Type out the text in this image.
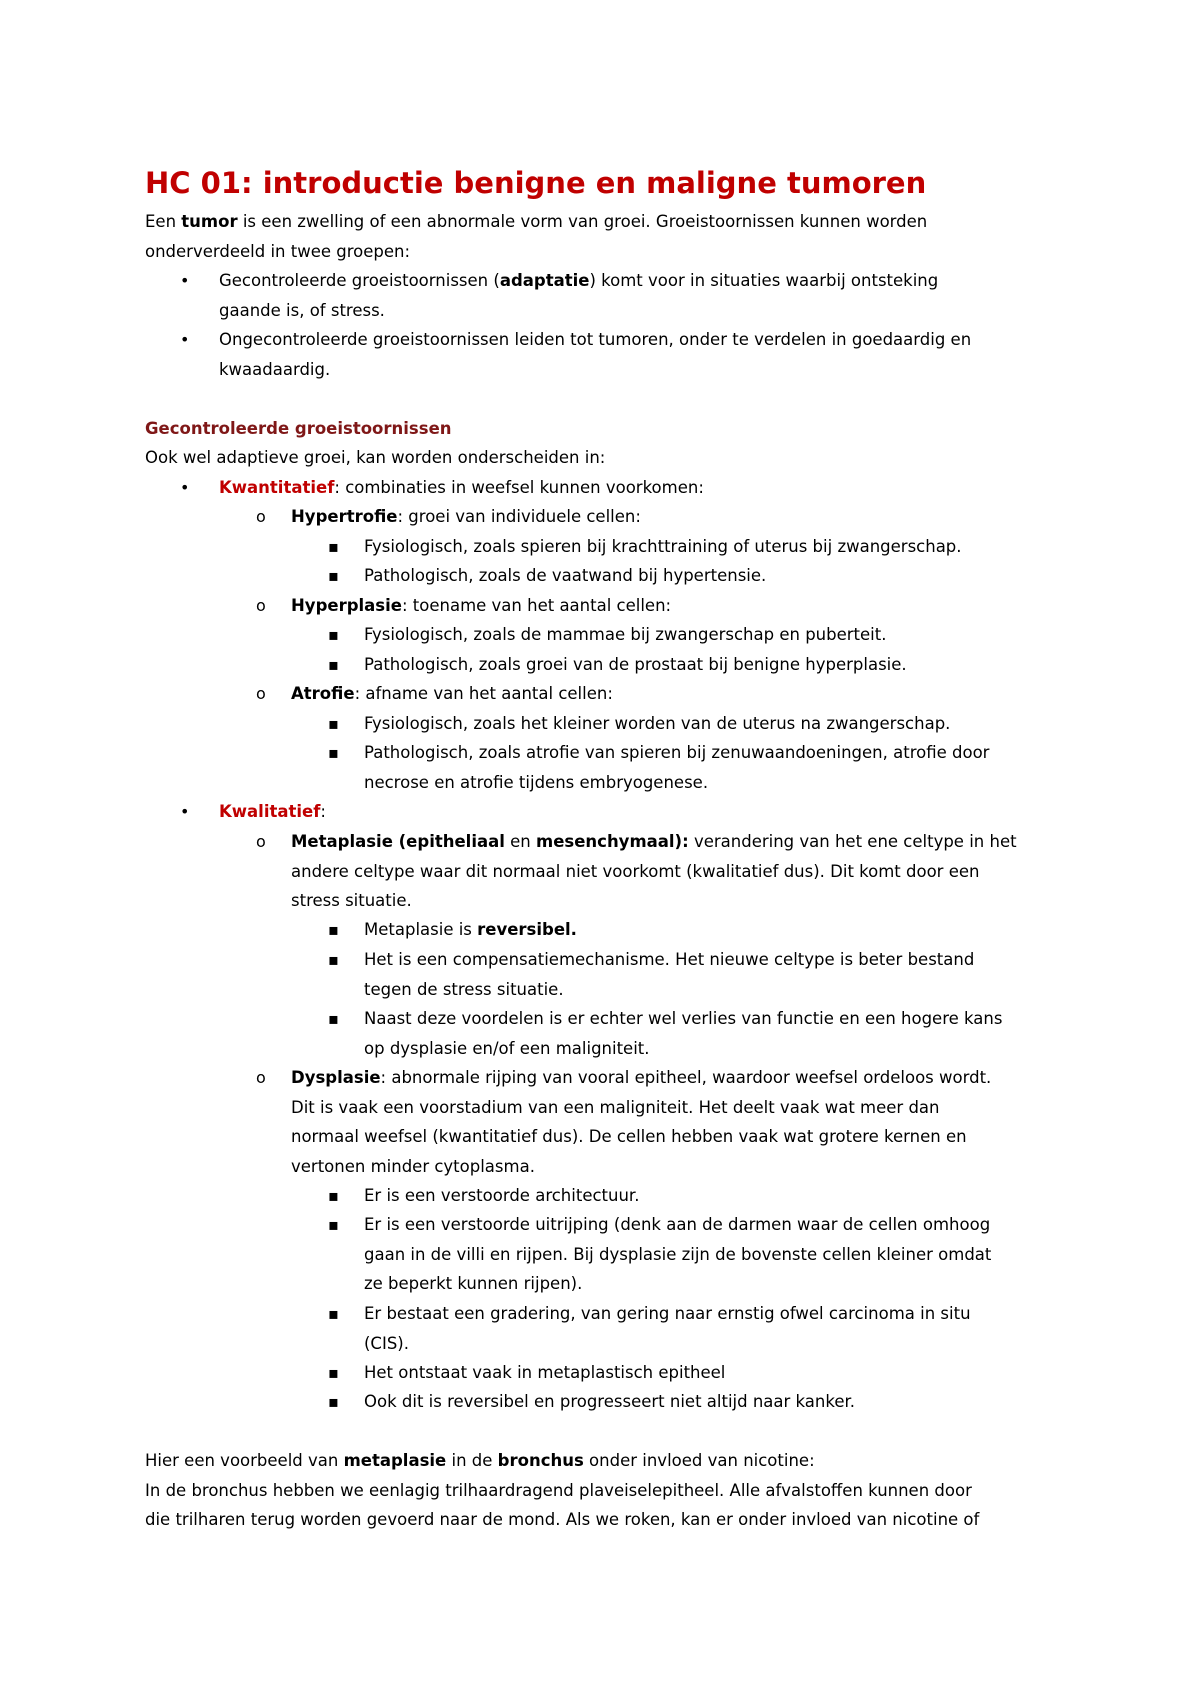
HC 01: introductie benigne en maligne tumoren
Een tumor is een zwelling of een abnormale vorm van groei. Groeistoornissen kunnen worden
onderverdeeld in twee groepen:
• Gecontroleerde groeistoornissen (adaptatie) komt voor in situaties waarbij ontsteking
gaande is, of stress.
• Ongecontroleerde groeistoornissen leiden tot tumoren, onder te verdelen in goedaardig en
kwaadaardig.
Gecontroleerde groeistoornissen
Ook wel adaptieve groei, kan worden onderscheiden in:
• Kwantitatief: combinaties in weefsel kunnen voorkomen:
o Hypertrofie: groei van individuele cellen:
▪ Fysiologisch, zoals spieren bij krachttraining of uterus bij zwangerschap.
▪ Pathologisch, zoals de vaatwand bij hypertensie.
o Hyperplasie: toename van het aantal cellen:
▪ Fysiologisch, zoals de mammae bij zwangerschap en puberteit.
▪ Pathologisch, zoals groei van de prostaat bij benigne hyperplasie.
o Atrofie: afname van het aantal cellen:
▪ Fysiologisch, zoals het kleiner worden van de uterus na zwangerschap.
▪ Pathologisch, zoals atrofie van spieren bij zenuwaandoeningen, atrofie door
necrose en atrofie tijdens embryogenese.
• Kwalitatief:
o Metaplasie (epitheliaal en mesenchymaal): verandering van het ene celtype in het
andere celtype waar dit normaal niet voorkomt (kwalitatief dus). Dit komt door een
stress situatie.
▪ Metaplasie is reversibel.
▪ Het is een compensatiemechanisme. Het nieuwe celtype is beter bestand
tegen de stress situatie.
▪ Naast deze voordelen is er echter wel verlies van functie en een hogere kans
op dysplasie en/of een maligniteit.
o Dysplasie: abnormale rijping van vooral epitheel, waardoor weefsel ordeloos wordt.
Dit is vaak een voorstadium van een maligniteit. Het deelt vaak wat meer dan
normaal weefsel (kwantitatief dus). De cellen hebben vaak wat grotere kernen en
vertonen minder cytoplasma.
▪ Er is een verstoorde architectuur.
▪ Er is een verstoorde uitrijping (denk aan de darmen waar de cellen omhoog
gaan in de villi en rijpen. Bij dysplasie zijn de bovenste cellen kleiner omdat
ze beperkt kunnen rijpen).
▪ Er bestaat een gradering, van gering naar ernstig ofwel carcinoma in situ
(CIS).
▪ Het ontstaat vaak in metaplastisch epitheel
▪ Ook dit is reversibel en progresseert niet altijd naar kanker.
Hier een voorbeeld van metaplasie in de bronchus onder invloed van nicotine:
In de bronchus hebben we eenlagig trilhaardragend plaveiselepitheel. Alle afvalstoffen kunnen door
die trilharen terug worden gevoerd naar de mond. Als we roken, kan er onder invloed van nicotine of
